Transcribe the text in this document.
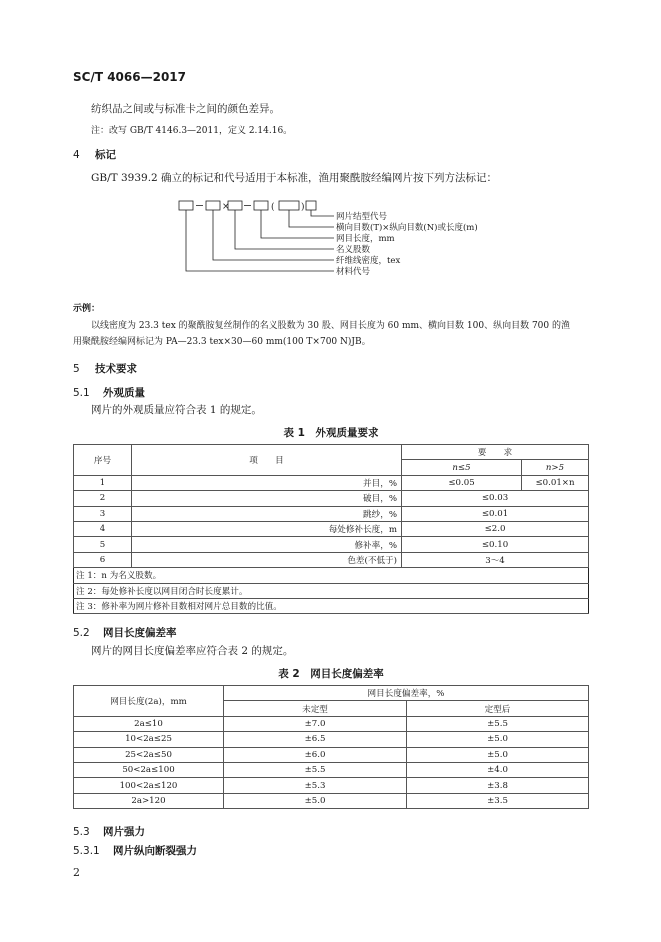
SC/T 4066—2017
纺织品之间或与标准卡之间的颜色差异。
注：改写 GB/T 4146.3—2011，定义 2.14.16。
4 标记
GB/T 3939.2 确立的标记和代号适用于本标准，渔用聚酰胺经编网片按下列方法标记：
×	(	)
网片结型代号
横向目数(T)×纵向目数(N)或长度(m)
网目长度，mm
名义股数
纤维线密度，tex
材料代号
示例：
以线密度为 23.3 tex 的聚酰胺复丝制作的名义股数为 30 股、网目长度为 60 mm、横向目数 100、纵向目数 700 的渔
用聚酰胺经编网标记为 PA—23.3 tex×30—60 mm(100 T×700 N)JB。
5 技术要求
5.1 外观质量
网片的外观质量应符合表 1 的规定。
表 1　外观质量要求
序号	项　　目	要　　求	
		n≤5	n>5
1	并目，%	≤0.05	≤0.01×n
2	破目，%	≤0.03	
3	跳纱，%	≤0.01	
4	每处修补长度，m	≤2.0	
5	修补率，%	≤0.10	
6	色差(不低于)	3～4	
注 1：n 为名义股数。			
注 2：每处修补长度以网目闭合时长度累计。			
注 3：修补率为网片修补目数相对网片总目数的比值。			
5.2 网目长度偏差率
网片的网目长度偏差率应符合表 2 的规定。
表 2　网目长度偏差率
网目长度(2a)，mm	网目长度偏差率，%	
	未定型	定型后
2a≤10	±7.0	±5.5
10<2a≤25	±6.5	±5.0
25<2a≤50	±6.0	±5.0
50<2a≤100	±5.5	±4.0
100<2a≤120	±5.3	±3.8
2a>120	±5.0	±3.5
5.3 网片强力
5.3.1 网片纵向断裂强力
2
